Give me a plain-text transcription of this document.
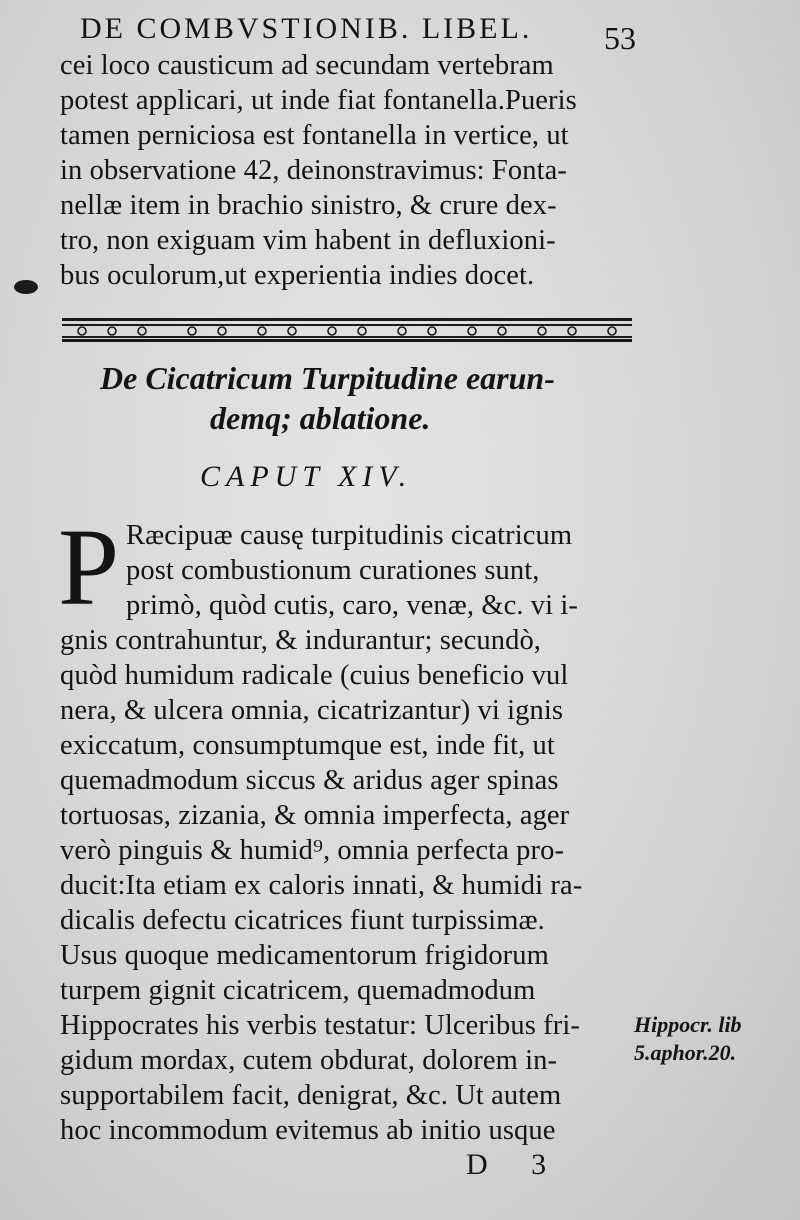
DE COMBVSTIONIB. LIBEL.	53
cei loco causticum ad secundam vertebram
potest applicari, ut inde fiat fontanella.Pueris
tamen perniciosa est fontanella in vertice, ut
in observatione 42, deinonstravimus: Fonta-
nellæ item in brachio sinistro, & crure dex-
tro, non exiguam vim habent in defluxioni-
bus oculorum,ut experientia indies docet.
De Cicatricum Turpitudine earun-
demq; ablatione.
CAPUT XIV.
P Ræcipuæ causę turpitudinis cicatricum
post combustionum curationes sunt,
primò, quòd cutis, caro, venæ, &c. vi i-
gnis contrahuntur, & indurantur; secundò,
quòd humidum radicale (cuius beneficio vul
nera, & ulcera omnia, cicatrizantur) vi ignis
exiccatum, consumptumque est, inde fit, ut
quemadmodum siccus & aridus ager spinas
tortuosas, zizania, & omnia imperfecta, ager
verò pinguis & humid⁹, omnia perfecta pro-
ducit:Ita etiam ex caloris innati, & humidi ra-
dicalis defectu cicatrices fiunt turpissimæ.
Usus quoque medicamentorum frigidorum
turpem gignit cicatricem, quemadmodum
Hippocrates his verbis testatur: Ulceribus fri-
gidum mordax, cutem obdurat, dolorem in-
supportabilem facit, denigrat, &c. Ut autem
hoc incommodum evitemus ab initio usque
Hippocr. lib
5.aphor.20.
D 3
